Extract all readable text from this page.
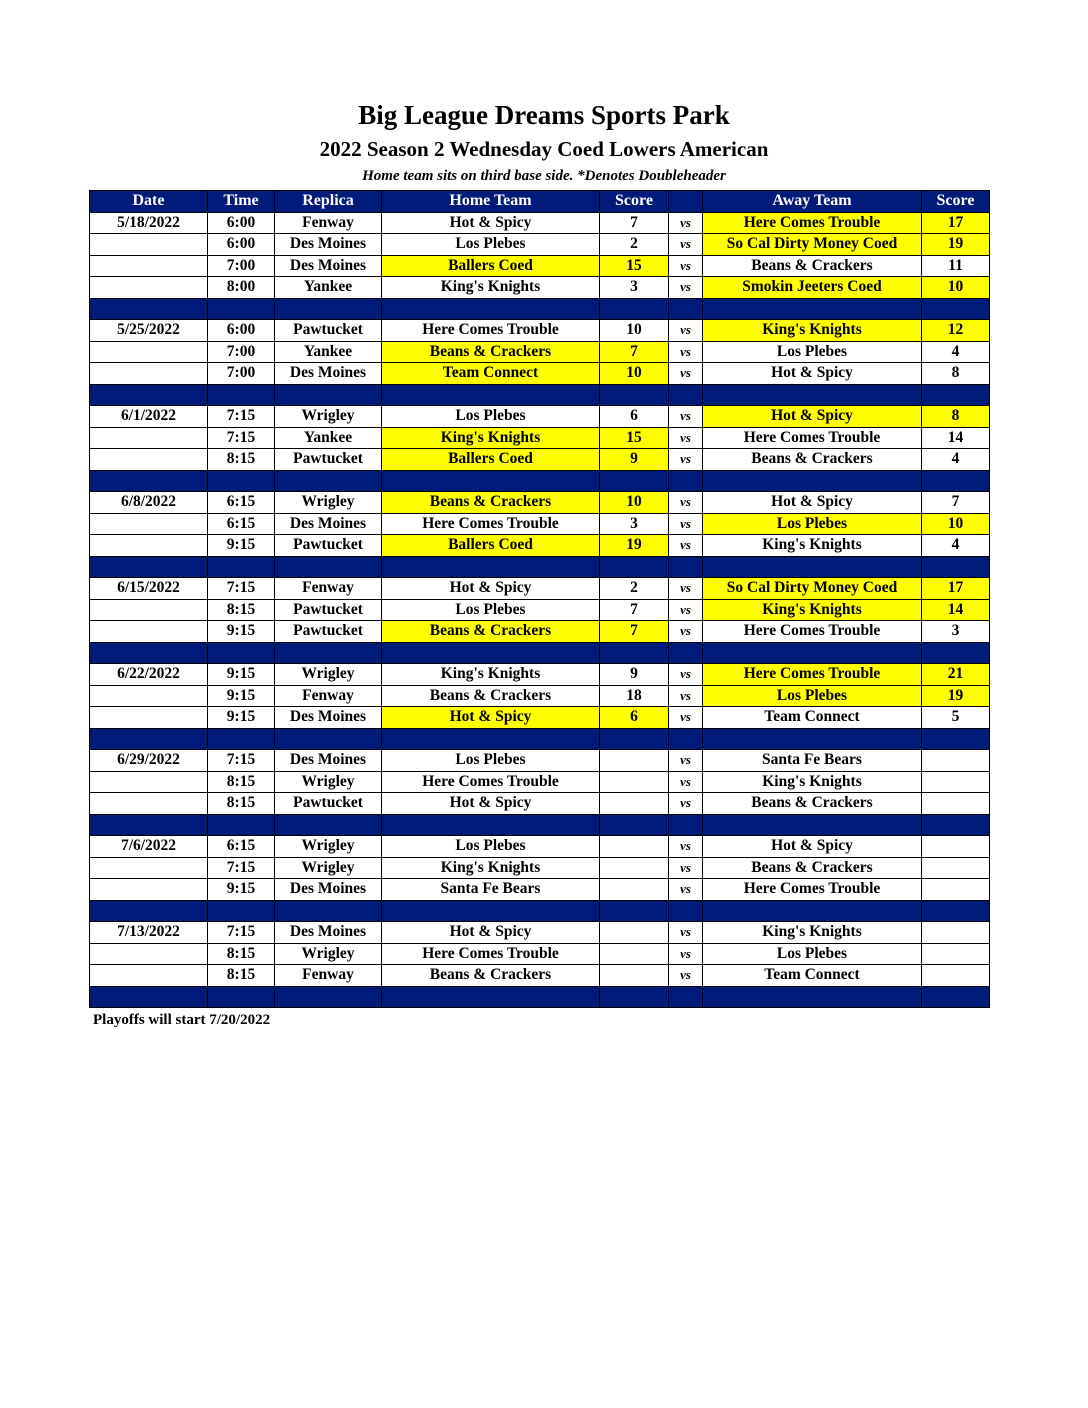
Big League Dreams Sports Park
2022 Season 2 Wednesday Coed Lowers American
Home team sits on third base side. *Denotes Doubleheader
Date	Time	Replica	Home Team	Score		Away Team	Score
5/18/2022	6:00	Fenway	Hot & Spicy	7	vs	Here Comes Trouble	17
	6:00	Des Moines	Los Plebes	2	vs	So Cal Dirty Money Coed	19
	7:00	Des Moines	Ballers Coed	15	vs	Beans & Crackers	11
	8:00	Yankee	King's Knights	3	vs	Smokin Jeeters Coed	10

5/25/2022	6:00	Pawtucket	Here Comes Trouble	10	vs	King's Knights	12
	7:00	Yankee	Beans & Crackers	7	vs	Los Plebes	4
	7:00	Des Moines	Team Connect	10	vs	Hot & Spicy	8

6/1/2022	7:15	Wrigley	Los Plebes	6	vs	Hot & Spicy	8
	7:15	Yankee	King's Knights	15	vs	Here Comes Trouble	14
	8:15	Pawtucket	Ballers Coed	9	vs	Beans & Crackers	4

6/8/2022	6:15	Wrigley	Beans & Crackers	10	vs	Hot & Spicy	7
	6:15	Des Moines	Here Comes Trouble	3	vs	Los Plebes	10
	9:15	Pawtucket	Ballers Coed	19	vs	King's Knights	4

6/15/2022	7:15	Fenway	Hot & Spicy	2	vs	So Cal Dirty Money Coed	17
	8:15	Pawtucket	Los Plebes	7	vs	King's Knights	14
	9:15	Pawtucket	Beans & Crackers	7	vs	Here Comes Trouble	3

6/22/2022	9:15	Wrigley	King's Knights	9	vs	Here Comes Trouble	21
	9:15	Fenway	Beans & Crackers	18	vs	Los Plebes	19
	9:15	Des Moines	Hot & Spicy	6	vs	Team Connect	5

6/29/2022	7:15	Des Moines	Los Plebes		vs	Santa Fe Bears	
	8:15	Wrigley	Here Comes Trouble		vs	King's Knights	
	8:15	Pawtucket	Hot & Spicy		vs	Beans & Crackers	

7/6/2022	6:15	Wrigley	Los Plebes		vs	Hot & Spicy	
	7:15	Wrigley	King's Knights		vs	Beans & Crackers	
	9:15	Des Moines	Santa Fe Bears		vs	Here Comes Trouble	

7/13/2022	7:15	Des Moines	Hot & Spicy		vs	King's Knights	
	8:15	Wrigley	Here Comes Trouble		vs	Los Plebes	
	8:15	Fenway	Beans & Crackers		vs	Team Connect	

Playoffs will start 7/20/2022
